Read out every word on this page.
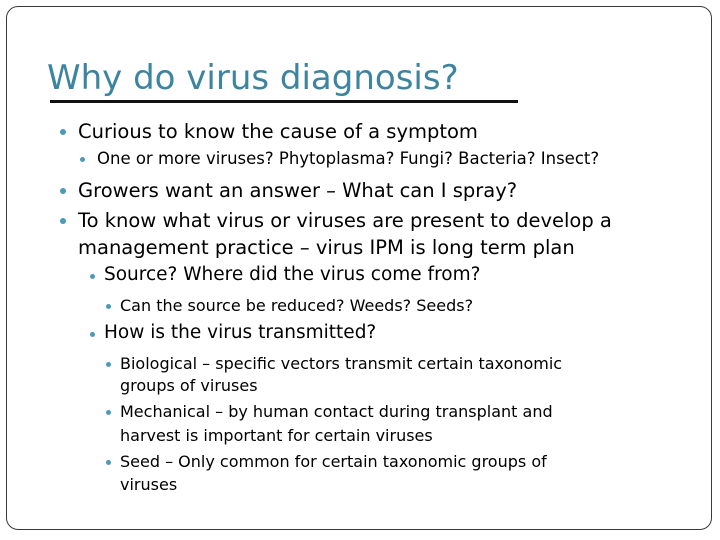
Why do virus diagnosis?
Curious to know the cause of a symptom
One or more viruses? Phytoplasma? Fungi? Bacteria? Insect?
Growers want an answer – What can I spray?
To know what virus or viruses are present to develop a
management practice – virus IPM is long term plan
Source? Where did the virus come from?
Can the source be reduced? Weeds? Seeds?
How is the virus transmitted?
Biological – specific vectors transmit certain taxonomic
groups of viruses
Mechanical – by human contact during transplant and
harvest is important for certain viruses
Seed – Only common for certain taxonomic groups of
viruses
